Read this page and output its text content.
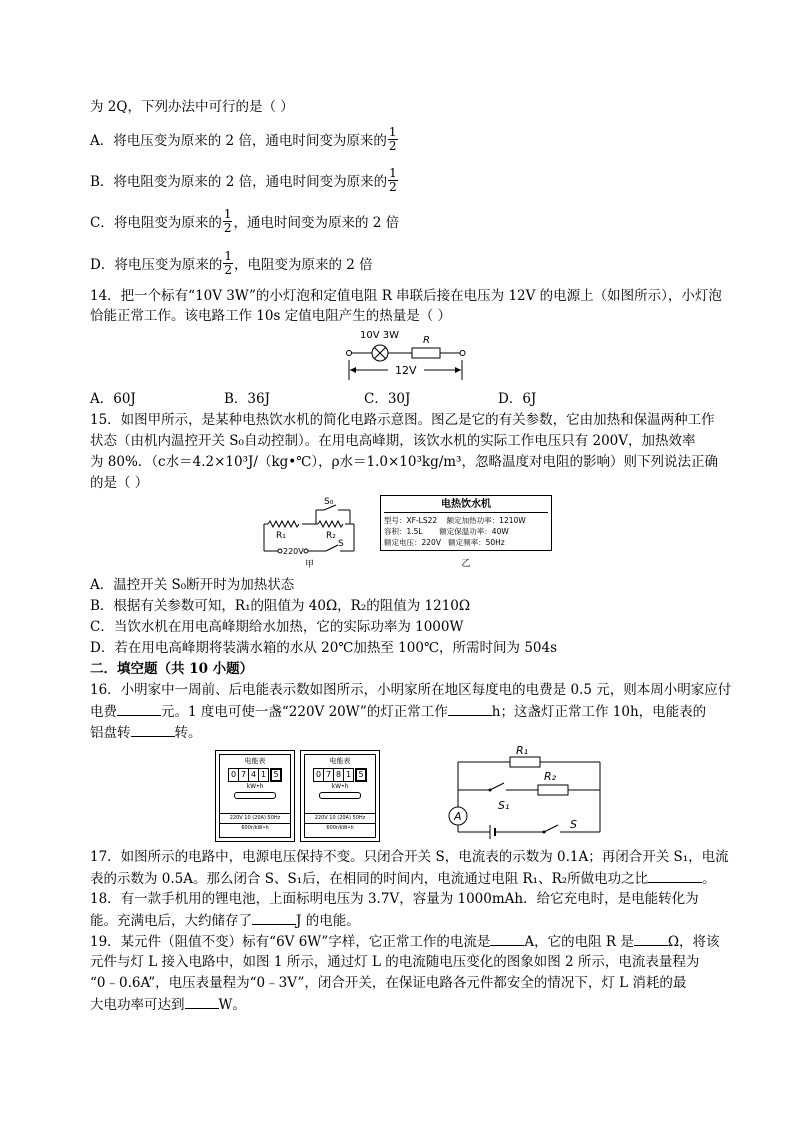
为 2Q，下列办法中可行的是（ ）
A．将电压变为原来的 2 倍，通电时间变为原来的 $\frac{1}{2}$
B．将电阻变为原来的 2 倍，通电时间变为原来的 $\frac{1}{2}$
C．将电阻变为原来的 $\frac{1}{2}$ ，通电时间变为原来的 2 倍
D．将电压变为原来的 $\frac{1}{2}$ ，电阻变为原来的 2 倍
14．把一个标有“10V 3W”的小灯泡和定值电阻 R 串联后接在电压为 12V 的电源上（如图所示），小灯泡
恰能正常工作。该电路工作 10s 定值电阻产生的热量是（ ）
10V 3W R
12V
A．60J	B．36J	C．30J	D．6J
15．如图甲所示，是某种电热饮水机的简化电路示意图。图乙是它的有关参数，它由加热和保温两种工作
状态（由机内温控开关 S₀自动控制）。在用电高峰期，该饮水机的实际工作电压只有 200V，加热效率
为 80%．（c水＝4.2×10³J/（kg•℃），ρ水＝1.0×10³kg/m³，忽略温度对电阻的影响）则下列说法正确
的是（ ）
S₀
R₁	R₂
S
220V
甲
电热饮水机
型号：XF-LS22    额定加热功率：1210W
容积：1.5L       额定保温功率：40W
额定电压：220V   额定频率：50Hz
乙
A．温控开关 S₀断开时为加热状态
B．根据有关参数可知，R₁的阻值为 40Ω，R₂的阻值为 1210Ω
C．当饮水机在用电高峰期给水加热，它的实际功率为 1000W
D．若在用电高峰期将装满水箱的水从 20℃加热至 100℃，所需时间为 504s
二．填空题（共 10 小题）
16．小明家中一周前、后电能表示数如图所示，小明家所在地区每度电的电费是 0.5 元，则本周小明家应付
电费	元。1 度电可使一盏“220V 20W”的灯正常工作	h；这盏灯正常工作 10h，电能表的
铝盘转	转。
电能表
0 7 4 1 5
kW•h
220V 10 (20A) 50Hz
600r/kW•h
电能表
0 7 8 1 5
kW•h
220V 10 (20A) 50Hz
600r/kW•h
R₁
A
R₂
S₁
S
17．如图所示的电路中，电源电压保持不变。只闭合开关 S，电流表的示数为 0.1A；再闭合开关 S₁，电流
表的示数为 0.5A。那么闭合 S、S₁后，在相同的时间内，电流通过电阻 R₁、R₂所做电功之比	。
18．有一款手机用的锂电池，上面标明电压为 3.7V，容量为 1000mAh．给它充电时，是电能转化为
能。充满电后，大约储存了	J 的电能。
19．某元件（阻值不变）标有“6V 6W”字样，它正常工作的电流是	A，它的电阻 R 是	Ω，将该
元件与灯 L 接入电路中，如图 1 所示，通过灯 L 的电流随电压变化的图象如图 2 所示，电流表量程为
“0﹣0.6A”，电压表量程为“0﹣3V”，闭合开关，在保证电路各元件都安全的情况下，灯 L 消耗的最
大电功率可达到	W。
